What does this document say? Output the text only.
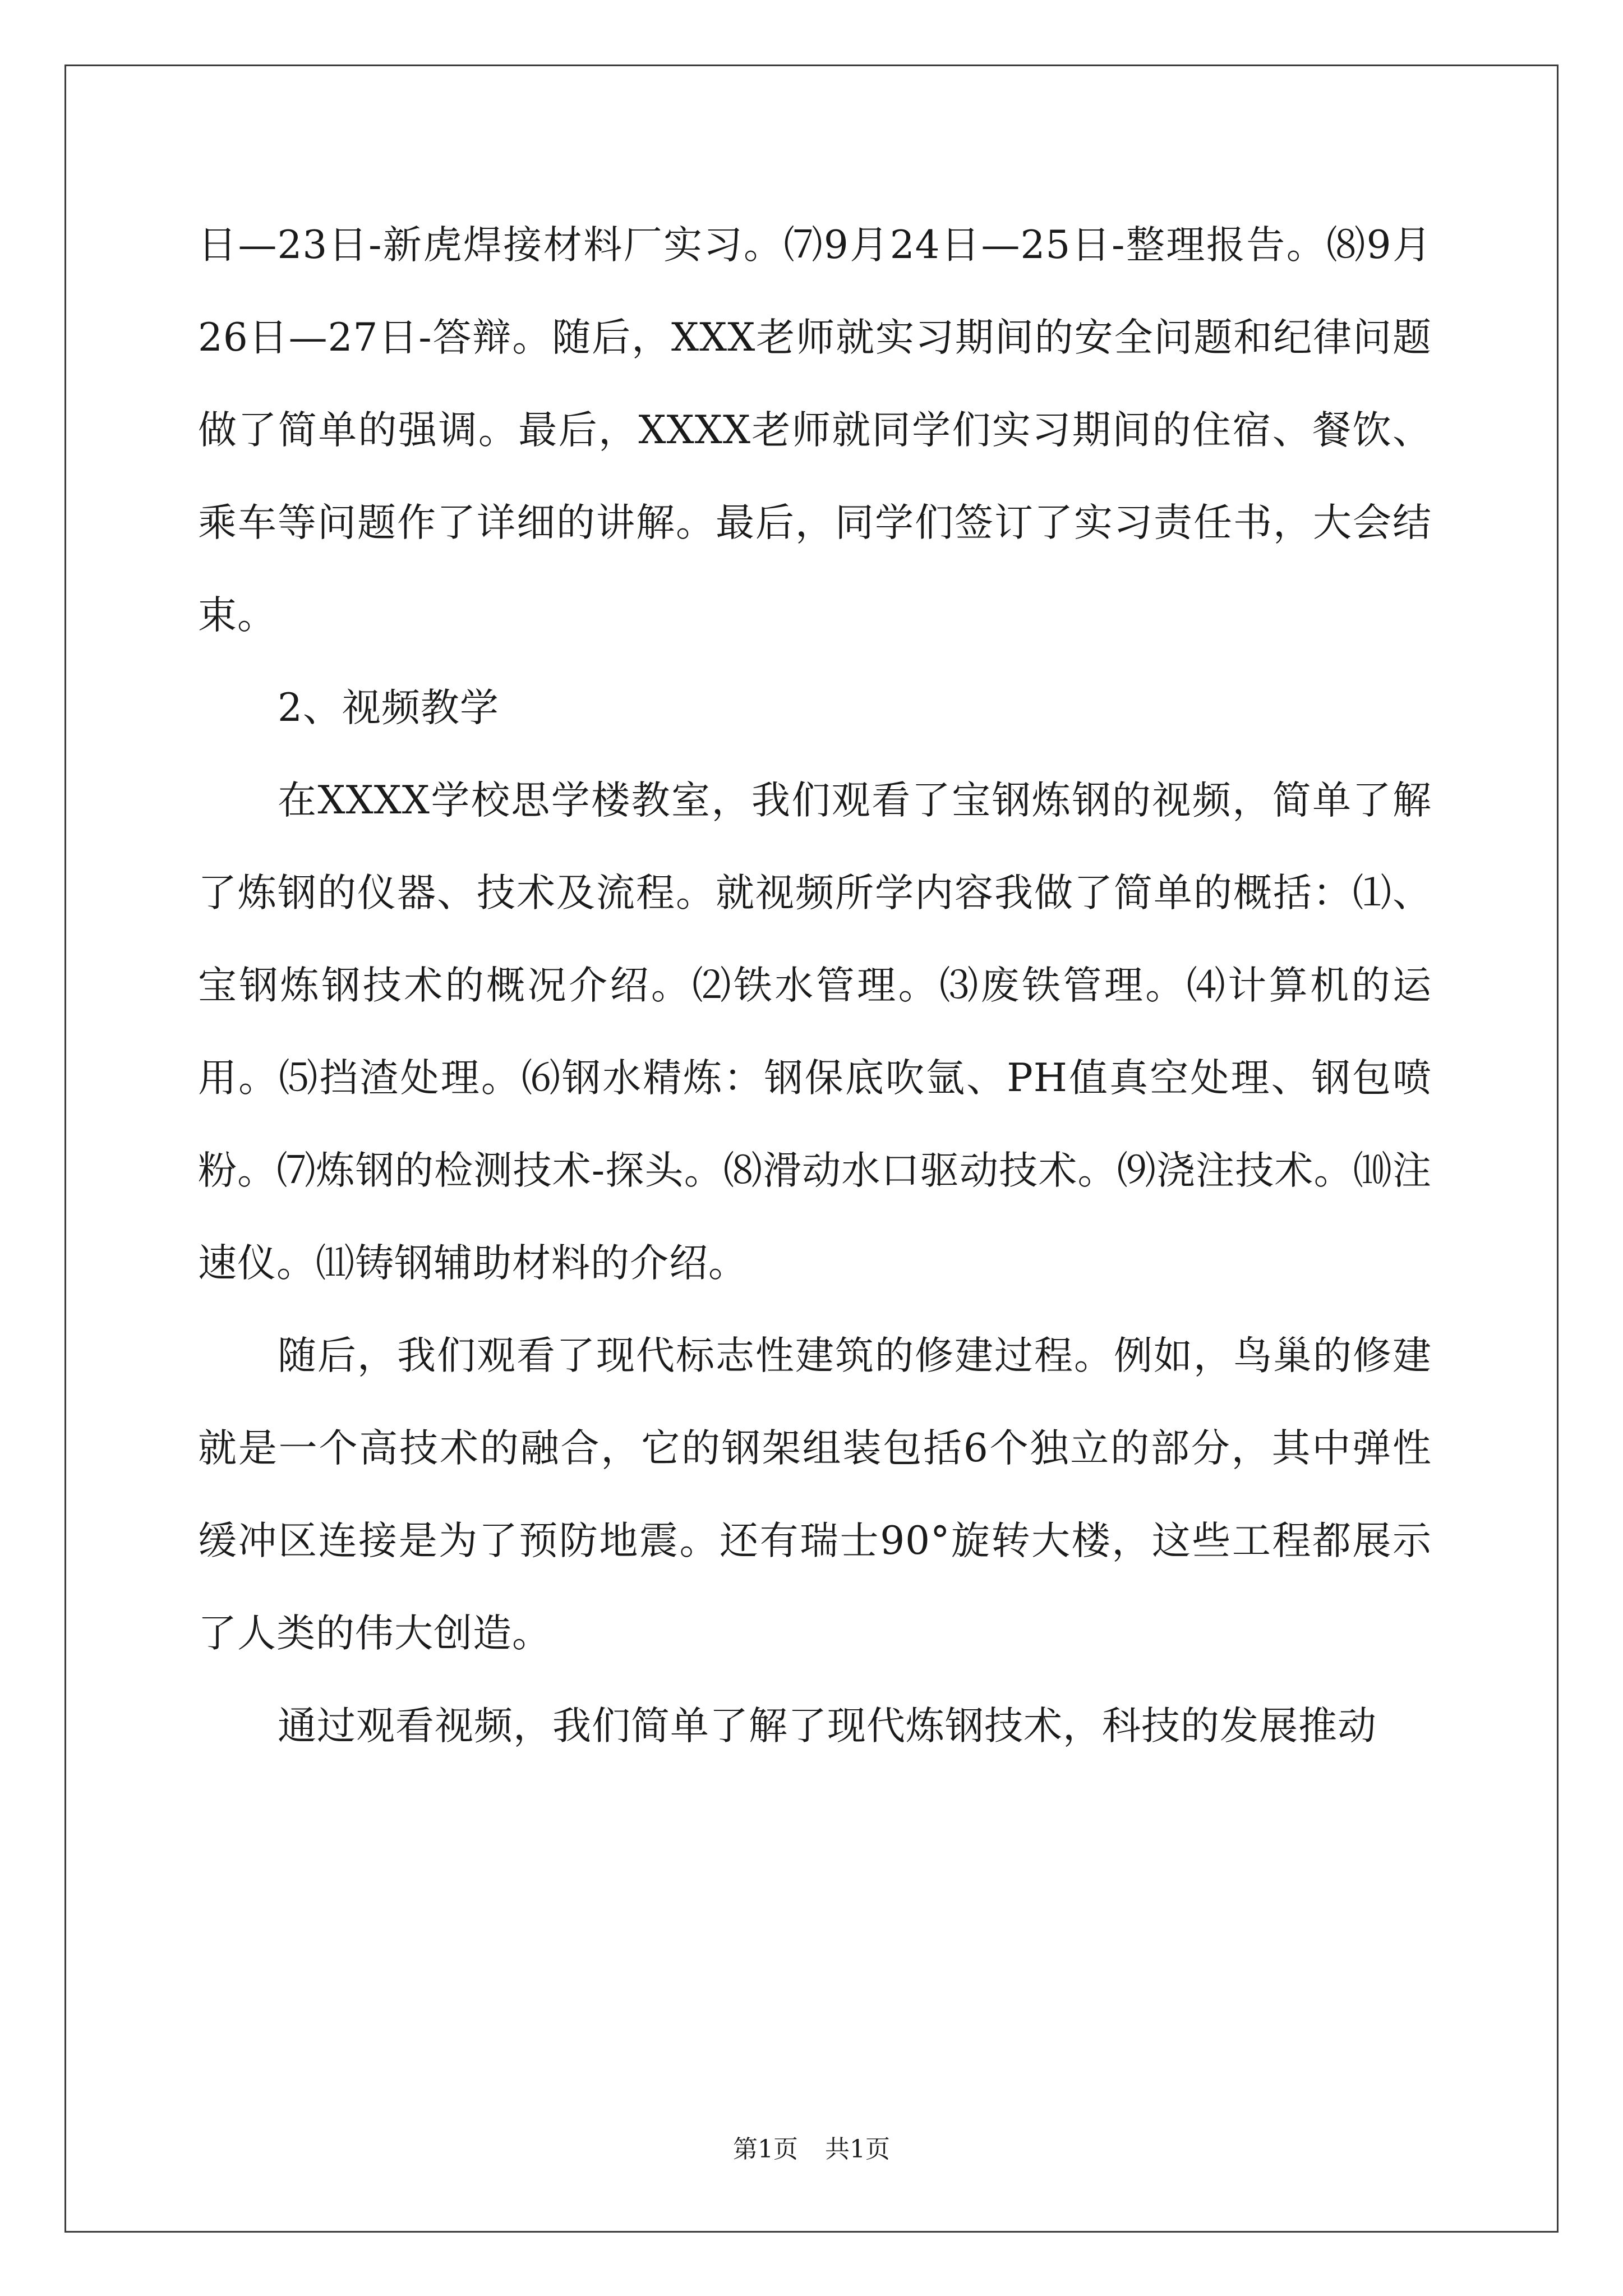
日—23日-新虎焊接材料厂实习。⑺9月24日—25日-整理报告。⑻9月26日—27日-答辩。随后，XXX老师就实习期间的安全问题和纪律问题做了简单的强调。最后，XXXX老师就同学们实习期间的住宿、餐饮、乘车等问题作了详细的讲解。最后，同学们签订了实习责任书，大会结束。

2、视频教学

在XXXX学校思学楼教室，我们观看了宝钢炼钢的视频，简单了解了炼钢的仪器、技术及流程。就视频所学内容我做了简单的概括：⑴、宝钢炼钢技术的概况介绍。⑵铁水管理。⑶废铁管理。⑷计算机的运用。⑸挡渣处理。⑹钢水精炼：钢保底吹氩、PH值真空处理、钢包喷粉。⑺炼钢的检测技术-探头。⑻滑动水口驱动技术。⑼浇注技术。⑽注速仪。⑾铸钢辅助材料的介绍。

随后，我们观看了现代标志性建筑的修建过程。例如，鸟巢的修建就是一个高技术的融合，它的钢架组装包括6个独立的部分，其中弹性缓冲区连接是为了预防地震。还有瑞士90°旋转大楼，这些工程都展示了人类的伟大创造。

通过观看视频，我们简单了解了现代炼钢技术，科技的发展推动

第1页 共1页
